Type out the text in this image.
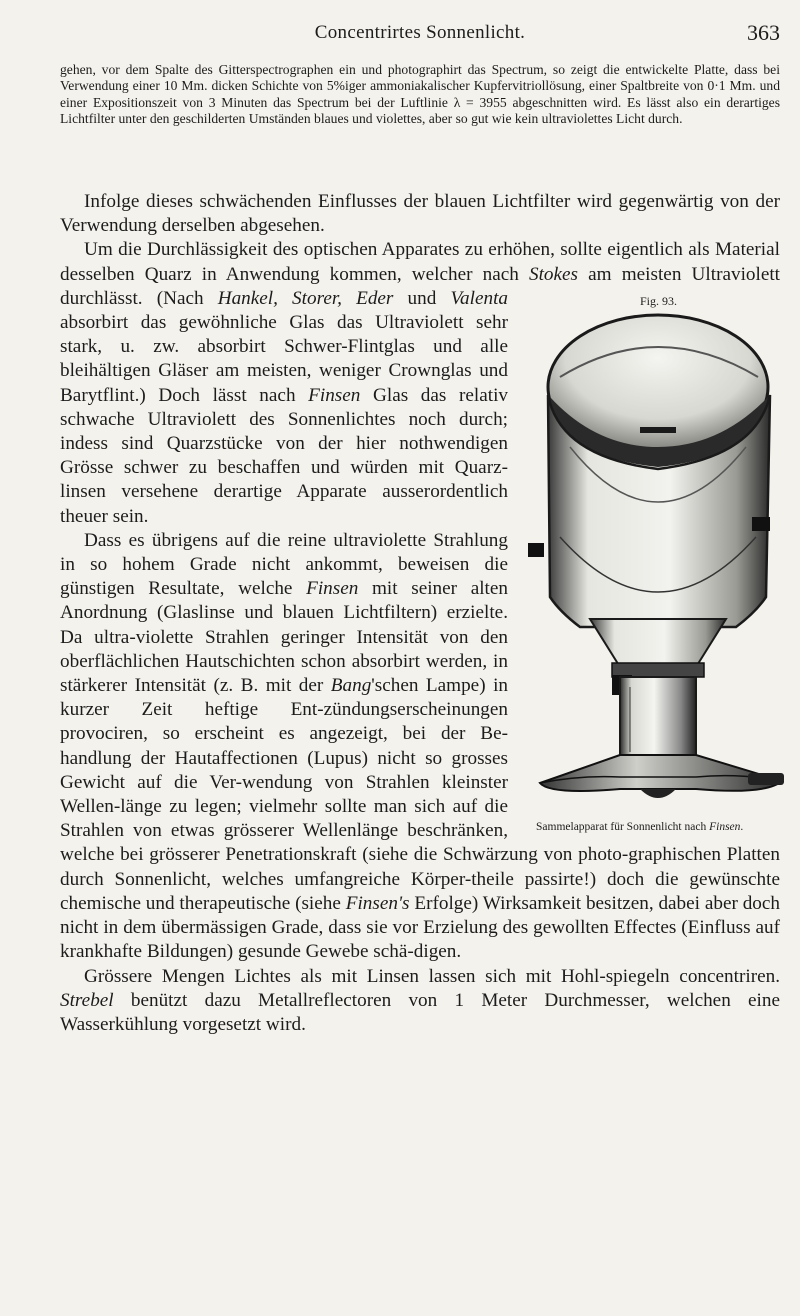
Concentrirtes Sonnenlicht.	363

gehen, vor dem Spalte des Gitterspectrographen ein und photographirt das Spectrum, so zeigt die entwickelte Platte, dass bei Verwendung einer 10 Mm. dicken Schichte von 5%iger ammoniakalischer Kupfervitriollösung, einer Spaltbreite von 0·1 Mm. und einer Expositionszeit von 3 Minuten das Spectrum bei der Luftlinie λ = 3955 abgeschnitten wird. Es lässt also ein derartiges Lichtfilter unter den geschilderten Umständen blaues und violettes, aber so gut wie kein ultraviolettes Licht durch.

Infolge dieses schwächenden Einflusses der blauen Lichtfilter wird gegenwärtig von der Verwendung derselben abgesehen.

Um die Durchlässigkeit des optischen Apparates zu erhöhen, sollte eigentlich als Material desselben Quarz in Anwendung kommen, welcher nach Stokes am meisten Ultraviolett durchlässt. (Nach	Fig. 93.
Sammelapparat für Sonnenlicht nach Finsen.
Hankel, Storer, Eder und Valenta absorbirt das gewöhnliche Glas das Ultraviolett sehr stark, u. zw. absorbirt Schwer-Flintglas und alle bleihältigen Gläser am meisten, weniger Crownglas und Barytflint.) Doch lässt nach Finsen Glas das relativ schwache Ultraviolett des Sonnenlichtes noch durch; indess sind Quarzstücke von der hier nothwendigen Grösse schwer zu beschaffen und würden mit Quarz-linsen versehene derartige Apparate ausserordentlich theuer sein.

Dass es übrigens auf die reine ultraviolette Strahlung in so hohem Grade nicht ankommt, beweisen die günstigen Resultate, welche Finsen mit seiner alten Anordnung (Glaslinse und blauen Lichtfiltern) erzielte. Da ultra-violette Strahlen geringer Intensität von den oberflächlichen Hautschichten schon absorbirt werden, in stärkerer Intensität (z. B. mit der Bang'schen Lampe) in kurzer Zeit heftige Ent-zündungserscheinungen provociren, so erscheint es angezeigt, bei der Be-handlung der Hautaffectionen (Lupus) nicht so grosses Gewicht auf die Ver-wendung von Strahlen kleinster Wellen-länge zu legen; vielmehr sollte man sich auf die Strahlen von etwas grösserer Wellenlänge beschränken, welche bei grösserer Penetrationskraft (siehe die Schwärzung von photo-graphischen Platten durch Sonnenlicht, welches umfangreiche Körper-theile passirte!) doch die gewünschte chemische und therapeutische (siehe Finsen's Erfolge) Wirksamkeit besitzen, dabei aber doch nicht in dem übermässigen Grade, dass sie vor Erzielung des gewollten Effectes (Einfluss auf krankhafte Bildungen) gesunde Gewebe schä-digen.

Grössere Mengen Lichtes als mit Linsen lassen sich mit Hohl-spiegeln concentriren. Strebel benützt dazu Metallreflectoren von 1 Meter Durchmesser, welchen eine Wasserkühlung vorgesetzt wird.
